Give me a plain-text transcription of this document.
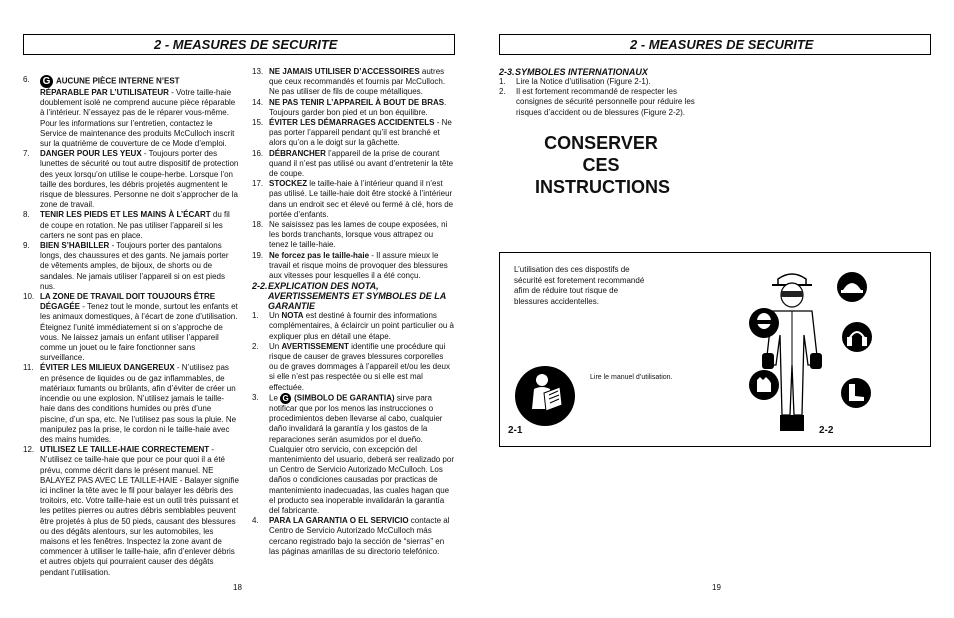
2 - MEASURES DE SECURITE

6. G AUCUNE PIÈCE INTERNE N’EST
RÉPARABLE PAR L’UTILISATEUR - Votre taille-haie doublement isolé ne comprend aucune pièce réparable à l’intérieur. N’essayez pas de le réparer vous-même. Pour les informations sur l’entretien, contactez le Service de maintenance des produits McCulloch inscrit sur la quatrième de couverture de ce Mode d’emploi.

7. DANGER POUR LES YEUX - Toujours porter des lunettes de sécurité ou tout autre dispositif de protection des yeux lorsqu’on utilise le coupe-herbe. Lorsque l’on taille des bordures, les débris projetés augmentent le risque de blessures. Personne ne doit s’approcher de la zone de travail.

8. TENIR LES PIEDS ET LES MAINS À L’ÉCART du fil de coupe en rotation. Ne pas utiliser l’appareil si les carters ne sont pas en place.

9. BIEN S’HABILLER - Toujours porter des pantalons longs, des chaussures et des gants. Ne jamais porter de vêtements amples, de bijoux, de shorts ou de sandales. Ne jamais utiliser l’appareil si on est pieds nus.

10. LA ZONE DE TRAVAIL DOIT TOUJOURS ÊTRE DÉGAGÉE - Tenez tout le monde, surtout les enfants et les animaux domestiques, à l’écart de zone d’utilisation. Éteignez l’unité immédiatement si on s’approche de vous. Ne laissez jamais un enfant utiliser l’appareil comme un jouet ou le faire fonctionner sans surveillance.

11. ÉVITER LES MILIEUX DANGEREUX - N’utilisez pas en présence de liquides ou de gaz inflammables, de matériaux fumants ou brûlants, afin d’éviter de créer un incendie ou une explosion. N’utilisez jamais le taille-haie dans des conditions humides ou près d’une piscine, d’un spa, etc. Ne l’utilisez pas sous la pluie. Ne manipulez pas la prise, le cordon ni le taille-haie avec des mains humides.

12. UTILISEZ LE TAILLE-HAIE CORRECTEMENT - N’utilisez ce taille-haie que pour ce pour quoi il a été prévu, comme décrit dans le présent manuel. NE BALAYEZ PAS AVEC LE TAILLE-HAIE - Balayer signifie ici incliner la tête avec le fil pour balayer les débris des troitoirs, etc. Votre taille-haie est un outil très puissant et les petites pierres ou autres débris semblables peuvent être projetés à plus de 50 pieds, causant des blessures ou des dégâts alentours, sur les automobiles, les maisons et les fenêtres. Inspectez la zone avant de commencer à utiliser le taille-haie, afin d’enlever débris et autres objets qui pourraient causer des dégâts pendant l’utilisation.

13. NE JAMAIS UTILISER D’ACCESSOIRES autres que ceux recommandés et fournis par McCulloch. Ne pas utiliser de fils de coupe métalliques.

14. NE PAS TENIR L’APPAREIL À BOUT DE BRAS. Toujours garder bon pied et un bon équilibre.

15. ÉVITER LES DÉMARRAGES ACCIDENTELS - Ne pas porter l’appareil pendant qu’il est branché et alors qu’on a le doigt sur la gâchette.

16. DÉBRANCHER l’appareil de la prise de courant quand il n’est pas utilisé ou avant d’entretenir la tête de coupe.

17. STOCKEZ le taille-haie à l’intérieur quand il n’est pas utilisé. Le taille-haie doit être stocké à l’intérieur dans un endroit sec et élevé ou fermé à clé, hors de portée d’enfants.

18. Ne saisissez pas les lames de coupe exposées, ni les bords tranchants, lorsque vous attrapez ou tenez le taille-haie.

19. Ne forcez pas le taille-haie - Il assure mieux le travail et risque moins de provoquer des blessures aux vitesses pour lesquelles il a été conçu.

2-2. EXPLICATION DES NOTA, AVERTISSEMENTS ET SYMBOLES DE LA GARANTIE

1. Un NOTA est destiné à fournir des informations complémentaires, à éclaircir un point particulier ou à expliquer plus en détail une étape.

2. Un AVERTISSEMENT identifie une procédure qui risque de causer de graves blessures corporelles ou de graves dommages à l’appareil et/ou les deux si elle n’est pas respectée ou si elle est mal effectuée.

3. Le G (SIMBOLO DE GARANTIA) sirve para notificar que por los menos las instrucciones o procedimientos deben llevarse al cabo, cualquier daño invalidará la garantía y los gastos de la reparaciones serán asumidos por el dueño. Cualquier otro servicio, con excepción del mantenimiento del usuario, deberá ser realizado por un Centro de Servicio Autorizado McCulloch. Los daños o condiciones causadas por practicas de mantenimiento inadecuadas, las cuales hagan que el producto sea inoperable invalidarán la garantía del fabricante.

4. PARA LA GARANTIA O EL SERVICIO contacte al Centro de Servicio Autorizado McCulloch más cercano registrado bajo la sección de “sierras” en las páginas amarillas de su directorio telefónico.

18
2 - MEASURES DE SECURITE

2-3. SYMBOLES INTERNATIONAUX

1. Lire la Notice d’utilisation (Figure 2-1).

2. Il est fortement recommandé de respecter les consignes de sécurité personnelle pour réduire les risques d’accident ou de blessures (Figure 2-2).

CONSERVER CES
INSTRUCTIONS
L’utilisation des ces dispostifs de sécurité est foretement recommandé afim de réduire tout risque de blessures accidentelles.
Lire le manuel d’utilisation.
2-1	2-2
19
